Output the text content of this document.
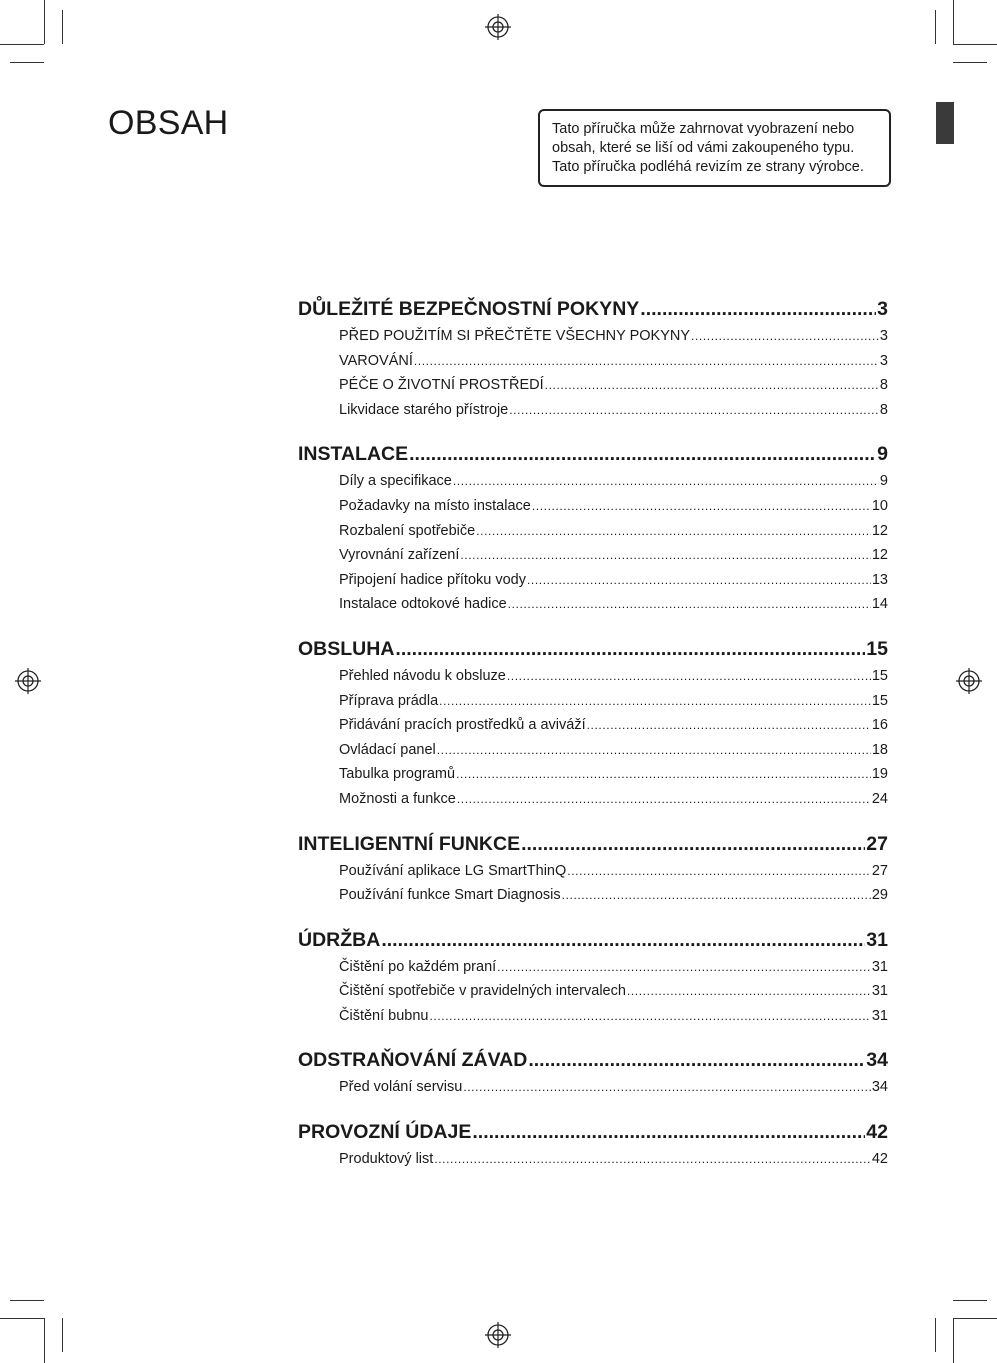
OBSAH	Tato příručka může zahrnovat vyobrazení nebo obsah, které se liší od vámi zakoupeného typu.

Tato příručka podléhá revizím ze strany výrobce.

DŮLEŽITÉ BEZPEČNOSTNÍ POKYNY .....	3
PŘED POUŽITÍM SI PŘEČTĚTE VŠECHNY POKYNY .....	3
VAROVÁNÍ .....	3
PÉČE O ŽIVOTNÍ PROSTŘEDÍ .....	8
Likvidace starého přístroje .....	8
INSTALACE .....	9
Díly a specifikace .....	9
Požadavky na místo instalace .....	10
Rozbalení spotřebiče .....	12
Vyrovnání zařízení .....	12
Připojení hadice přítoku vody .....	13
Instalace odtokové hadice .....	14
OBSLUHA .....	15
Přehled návodu k obsluze .....	15
Příprava prádla .....	15
Přidávání pracích prostředků a aviváží .....	16
Ovládací panel .....	18
Tabulka programů .....	19
Možnosti a funkce .....	24
INTELIGENTNÍ FUNKCE .....	27
Používání aplikace LG SmartThinQ .....	27
Používání funkce Smart Diagnosis .....	29
ÚDRŽBA .....	31
Čištění po každém praní .....	31
Čištění spotřebiče v pravidelných intervalech .....	31
Čištění bubnu .....	31
ODSTRAŇOVÁNÍ ZÁVAD .....	34
Před volání servisu .....	34
PROVOZNÍ ÚDAJE .....	42
Produktový list .....	42
